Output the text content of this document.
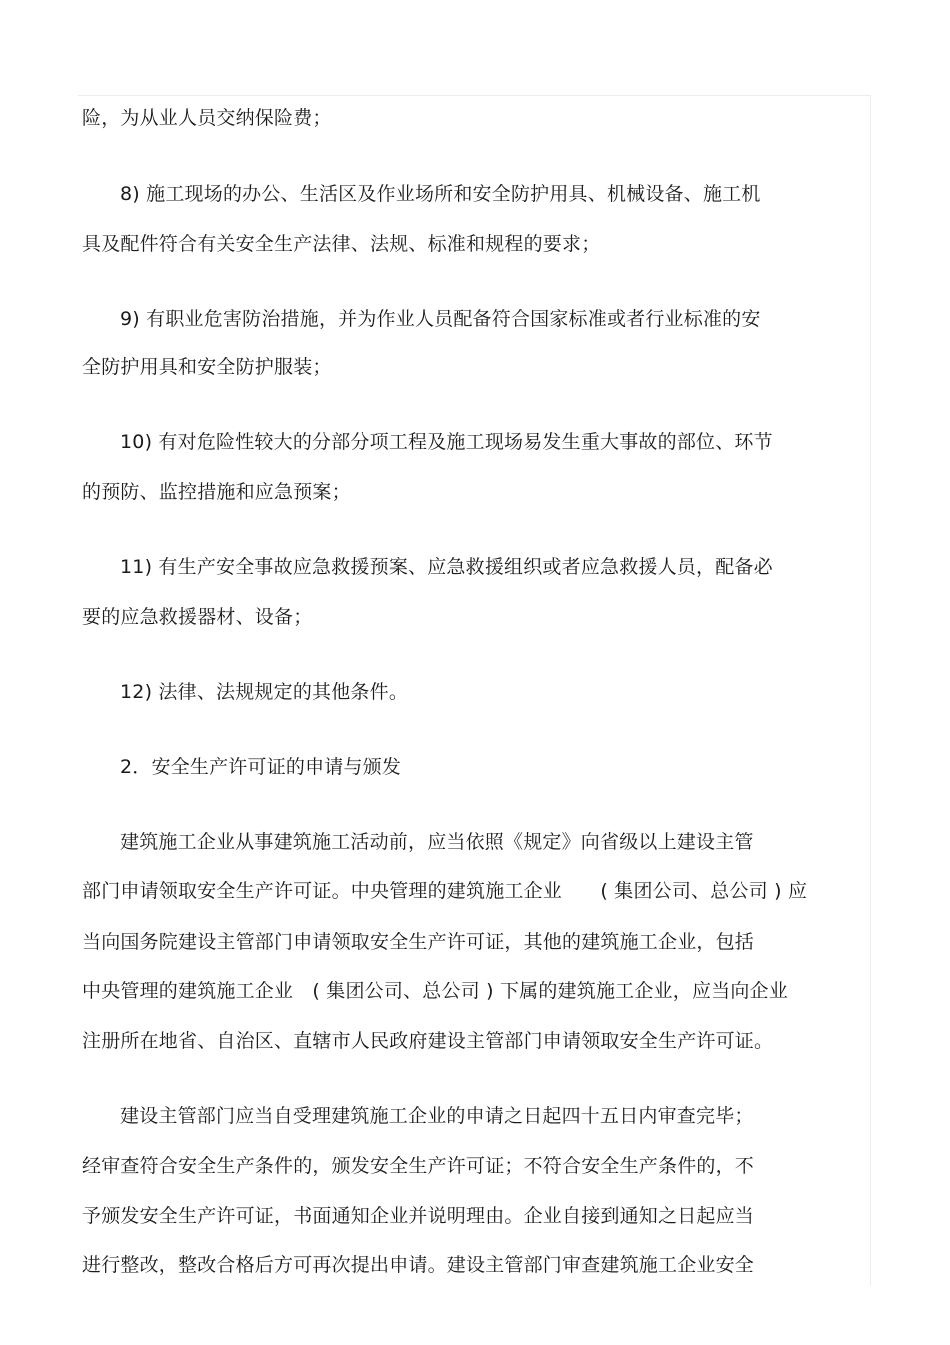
险，为从业人员交纳保险费；
8) 施工现场的办公、生活区及作业场所和安全防护用具、机械设备、施工机
具及配件符合有关安全生产法律、法规、标准和规程的要求；
9) 有职业危害防治措施，并为作业人员配备符合国家标准或者行业标准的安
全防护用具和安全防护服装；
10) 有对危险性较大的分部分项工程及施工现场易发生重大事故的部位、环节
的预防、监控措施和应急预案；
11) 有生产安全事故应急救援预案、应急救援组织或者应急救援人员，配备必
要的应急救援器材、设备；
12) 法律、法规规定的其他条件。
2．安全生产许可证的申请与颁发
建筑施工企业从事建筑施工活动前，应当依照《规定》向省级以上建设主管
部门申请领取安全生产许可证。中央管理的建筑施工企业　　( 集团公司、总公司 ) 应
当向国务院建设主管部门申请领取安全生产许可证，其他的建筑施工企业，包括
中央管理的建筑施工企业　( 集团公司、总公司 ) 下属的建筑施工企业，应当向企业
注册所在地省、自治区、直辖市人民政府建设主管部门申请领取安全生产许可证。
建设主管部门应当自受理建筑施工企业的申请之日起四十五日内审查完毕；
经审查符合安全生产条件的，颁发安全生产许可证；不符合安全生产条件的，不
予颁发安全生产许可证，书面通知企业并说明理由。企业自接到通知之日起应当
进行整改，整改合格后方可再次提出申请。建设主管部门审查建筑施工企业安全
